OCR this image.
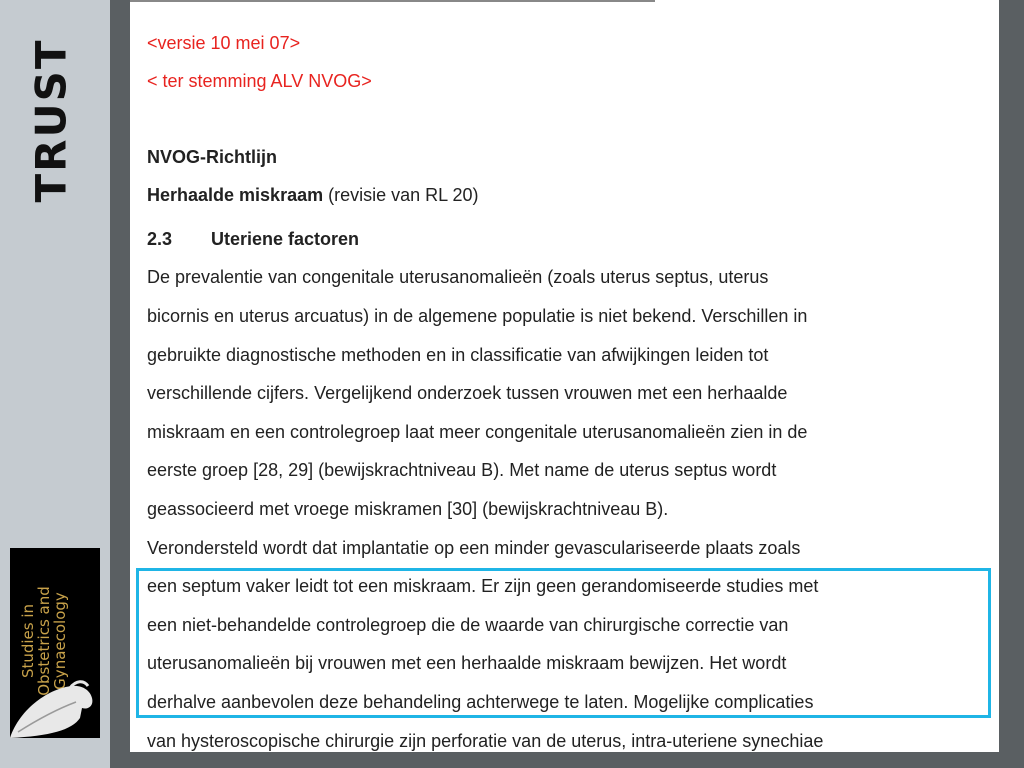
TRUST
Studies in
Obstetrics and
Gynaecology
<versie 10 mei 07>
< ter stemming ALV NVOG>
NVOG-Richtlijn
Herhaalde miskraam (revisie van RL 20)
2.3 Uteriene factoren
De prevalentie van congenitale uterusanomalieën (zoals uterus septus, uterus
bicornis en uterus arcuatus) in de algemene populatie is niet bekend. Verschillen in
gebruikte diagnostische methoden en in classificatie van afwijkingen leiden tot
verschillende cijfers. Vergelijkend onderzoek tussen vrouwen met een herhaalde
miskraam en een controlegroep laat meer congenitale uterusanomalieën zien in de
eerste groep [28, 29] (bewijskrachtniveau B). Met name de uterus septus wordt
geassocieerd met vroege miskramen [30] (bewijskrachtniveau B).
Verondersteld wordt dat implantatie op een minder gevasculariseerde plaats zoals
een septum vaker leidt tot een miskraam. Er zijn geen gerandomiseerde studies met
een niet-behandelde controlegroep die de waarde van chirurgische correctie van
uterusanomalieën bij vrouwen met een herhaalde miskraam bewijzen. Het wordt
derhalve aanbevolen deze behandeling achterwege te laten. Mogelijke complicaties
van hysteroscopische chirurgie zijn perforatie van de uterus, intra-uteriene synechiae
